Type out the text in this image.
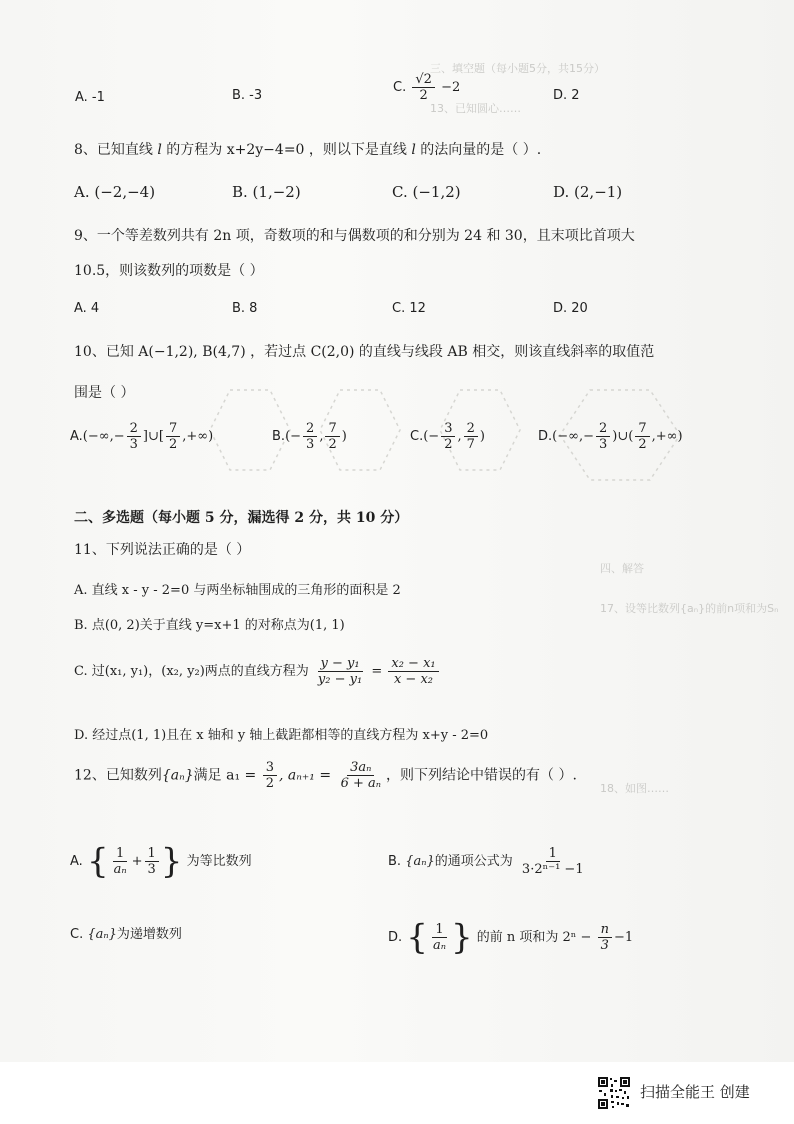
三、填空题（每小题5分，共15分）
13、已知圆心……
四、解答
17、设等比数列{aₙ}的前n项和为Sₙ
18、如图……
A. -1	B. -3
C. $\frac{√2}{2} -2$
D. 2
8、已知直线 l 的方程为 x+2y−4=0 ，则以下是直线 l 的法向量的是（ ）.
A. (−2,−4)	B. (1,−2)	C. (−1,2)	D. (2,−1)
9、一个等差数列共有 2n 项，奇数项的和与偶数项的和分别为 24 和 30，且末项比首项大
10.5，则该数列的项数是（ ）
A. 4	B. 8	C. 12	D. 20
10、已知 A(−1,2), B(4,7) ，若过点 C(2,0) 的直线与线段 AB 相交，则该直线斜率的取值范
围是（ ）
$A.(-\infty,- \frac{2}{3}$ ]∪[ $\frac{7}{2}$ ,+∞)	$B.(- \frac{2}{3}$ , $\frac{7}{2}$ )	$C.(- \frac{3}{2}$ , $\frac{2}{7}$ )	$D.(-\infty,- \frac{2}{3}$ )∪( $\frac{7}{2}$ ,+∞)
二、多选题（每小题 5 分，漏选得 2 分，共 10 分）
11、下列说法正确的是（ ）
A. 直线 x - y - 2=0 与两坐标轴围成的三角形的面积是 2
B. 点(0, 2)关于直线 y=x+1 的对称点为(1, 1)
C. 过(x₁, y₁)，(x₂, y₂)两点的直线方程为 $\frac{\text{y − y₁}}{\text{y₂ − y₁}} = \frac{\text{x₂ − x₁}}{\text{x − x₂}}$
D. 经过点(1, 1)且在 x 轴和 y 轴上截距都相等的直线方程为 x+y - 2=0
12、已知数列{aₙ}满足 $a_1 = \frac{3}{2}$ , $a_{n+1} = \frac{\text{3aₙ}}{\text{6 + aₙ}}$ ，则下列结论中错误的有（ ）.
A. { $\frac{1}{\text{aₙ}} + \frac{1}{3}$ } 为等比数列	B. {aₙ}的通项公式为 $\frac{1}{\text{3·2ⁿ⁻¹ −1}}$
C. {aₙ}为递增数列	D. { $\frac{1}{\text{aₙ}}$ } 的前 n 项和为 $2^n - \frac{n}{3} -1$
扫描全能王 创建
